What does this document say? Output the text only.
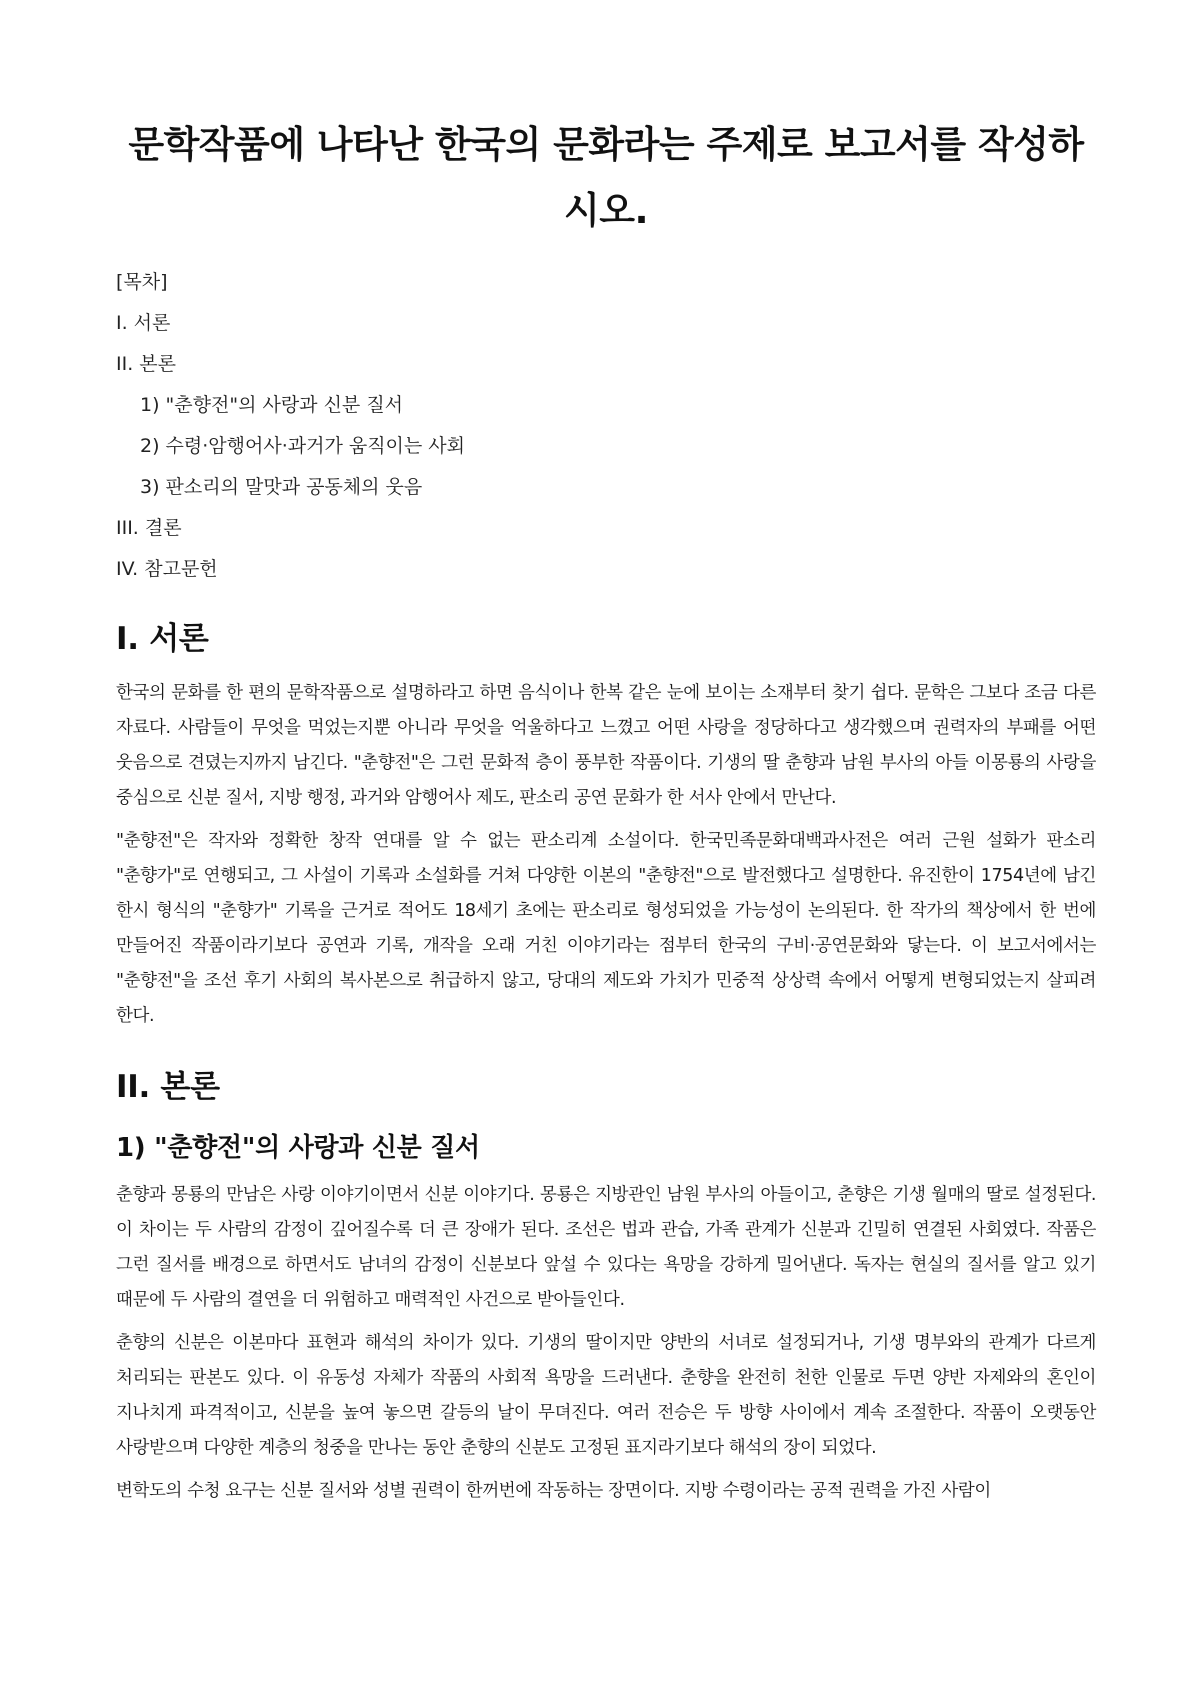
문학작품에 나타난 한국의 문화라는 주제로 보고서를 작성하시오.
[목차]
I. 서론
II. 본론
1) "춘향전"의 사랑과 신분 질서
2) 수령·암행어사·과거가 움직이는 사회
3) 판소리의 말맛과 공동체의 웃음
III. 결론
IV. 참고문헌
I. 서론

한국의 문화를 한 편의 문학작품으로 설명하라고 하면 음식이나 한복 같은 눈에 보이는 소재부터 찾기 쉽다. 문학은 그보다 조금 다른 자료다. 사람들이 무엇을 먹었는지뿐 아니라 무엇을 억울하다고 느꼈고 어떤 사랑을 정당하다고 생각했으며 권력자의 부패를 어떤 웃음으로 견뎠는지까지 남긴다. "춘향전"은 그런 문화적 층이 풍부한 작품이다. 기생의 딸 춘향과 남원 부사의 아들 이몽룡의 사랑을 중심으로 신분 질서, 지방 행정, 과거와 암행어사 제도, 판소리 공연 문화가 한 서사 안에서 만난다.

"춘향전"은 작자와 정확한 창작 연대를 알 수 없는 판소리계 소설이다. 한국민족문화대백과사전은 여러 근원 설화가 판소리 "춘향가"로 연행되고, 그 사설이 기록과 소설화를 거쳐 다양한 이본의 "춘향전"으로 발전했다고 설명한다. 유진한이 1754년에 남긴 한시 형식의 "춘향가" 기록을 근거로 적어도 18세기 초에는 판소리로 형성되었을 가능성이 논의된다. 한 작가의 책상에서 한 번에 만들어진 작품이라기보다 공연과 기록, 개작을 오래 거친 이야기라는 점부터 한국의 구비·공연문화와 닿는다. 이 보고서에서는 "춘향전"을 조선 후기 사회의 복사본으로 취급하지 않고, 당대의 제도와 가치가 민중적 상상력 속에서 어떻게 변형되었는지 살피려 한다.

II. 본론
1) "춘향전"의 사랑과 신분 질서

춘향과 몽룡의 만남은 사랑 이야기이면서 신분 이야기다. 몽룡은 지방관인 남원 부사의 아들이고, 춘향은 기생 월매의 딸로 설정된다. 이 차이는 두 사람의 감정이 깊어질수록 더 큰 장애가 된다. 조선은 법과 관습, 가족 관계가 신분과 긴밀히 연결된 사회였다. 작품은 그런 질서를 배경으로 하면서도 남녀의 감정이 신분보다 앞설 수 있다는 욕망을 강하게 밀어낸다. 독자는 현실의 질서를 알고 있기 때문에 두 사람의 결연을 더 위험하고 매력적인 사건으로 받아들인다.

춘향의 신분은 이본마다 표현과 해석의 차이가 있다. 기생의 딸이지만 양반의 서녀로 설정되거나, 기생 명부와의 관계가 다르게 처리되는 판본도 있다. 이 유동성 자체가 작품의 사회적 욕망을 드러낸다. 춘향을 완전히 천한 인물로 두면 양반 자제와의 혼인이 지나치게 파격적이고, 신분을 높여 놓으면 갈등의 날이 무뎌진다. 여러 전승은 두 방향 사이에서 계속 조절한다. 작품이 오랫동안 사랑받으며 다양한 계층의 청중을 만나는 동안 춘향의 신분도 고정된 표지라기보다 해석의 장이 되었다.

변학도의 수청 요구는 신분 질서와 성별 권력이 한꺼번에 작동하는 장면이다. 지방 수령이라는 공적 권력을 가진 사람이
